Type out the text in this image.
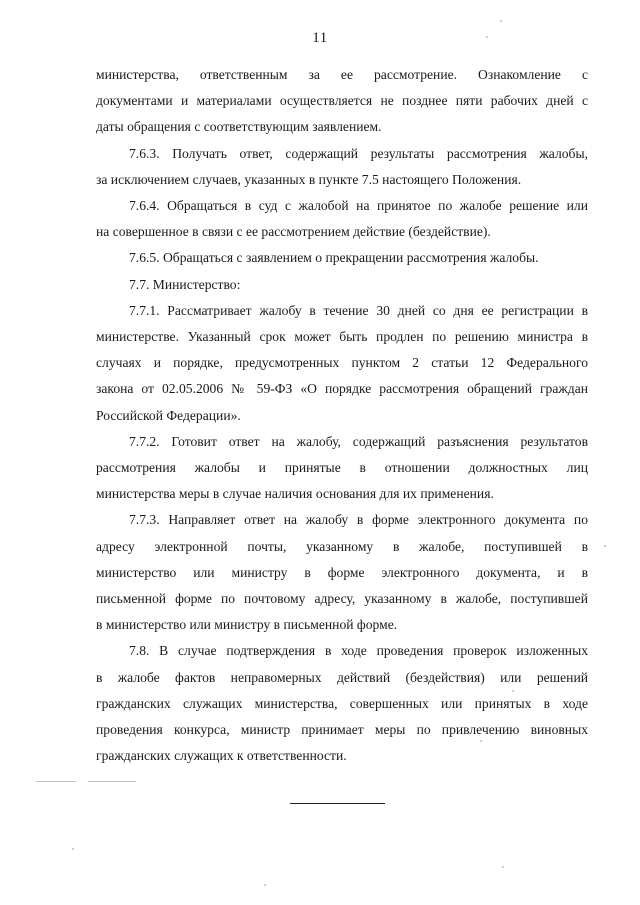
11
министерства, ответственным за ее рассмотрение. Ознакомление с
документами и материалами осуществляется не позднее пяти рабочих дней с
даты обращения с соответствующим заявлением.
7.6.3. Получать ответ, содержащий результаты рассмотрения жалобы,
за исключением случаев, указанных в пункте 7.5 настоящего Положения.
7.6.4. Обращаться в суд с жалобой на принятое по жалобе решение или
на совершенное в связи с ее рассмотрением действие (бездействие).
7.6.5. Обращаться с заявлением о прекращении рассмотрения жалобы.
7.7. Министерство:
7.7.1. Рассматривает жалобу в течение 30 дней со дня ее регистрации в
министерстве. Указанный срок может быть продлен по решению министра в
случаях и порядке, предусмотренных пунктом 2 статьи 12 Федерального
закона от 02.05.2006 № 59-ФЗ «О порядке рассмотрения обращений граждан
Российской Федерации».
7.7.2. Готовит ответ на жалобу, содержащий разъяснения результатов
рассмотрения жалобы и принятые в отношении должностных лиц
министерства меры в случае наличия основания для их применения.
7.7.3. Направляет ответ на жалобу в форме электронного документа по
адресу электронной почты, указанному в жалобе, поступившей в
министерство или министру в форме электронного документа, и в
письменной форме по почтовому адресу, указанному в жалобе, поступившей
в министерство или министру в письменной форме.
7.8. В случае подтверждения в ходе проведения проверок изложенных
в жалобе фактов неправомерных действий (бездействия) или решений
гражданских служащих министерства, совершенных или принятых в ходе
проведения конкурса, министр принимает меры по привлечению виновных
гражданских служащих к ответственности.
